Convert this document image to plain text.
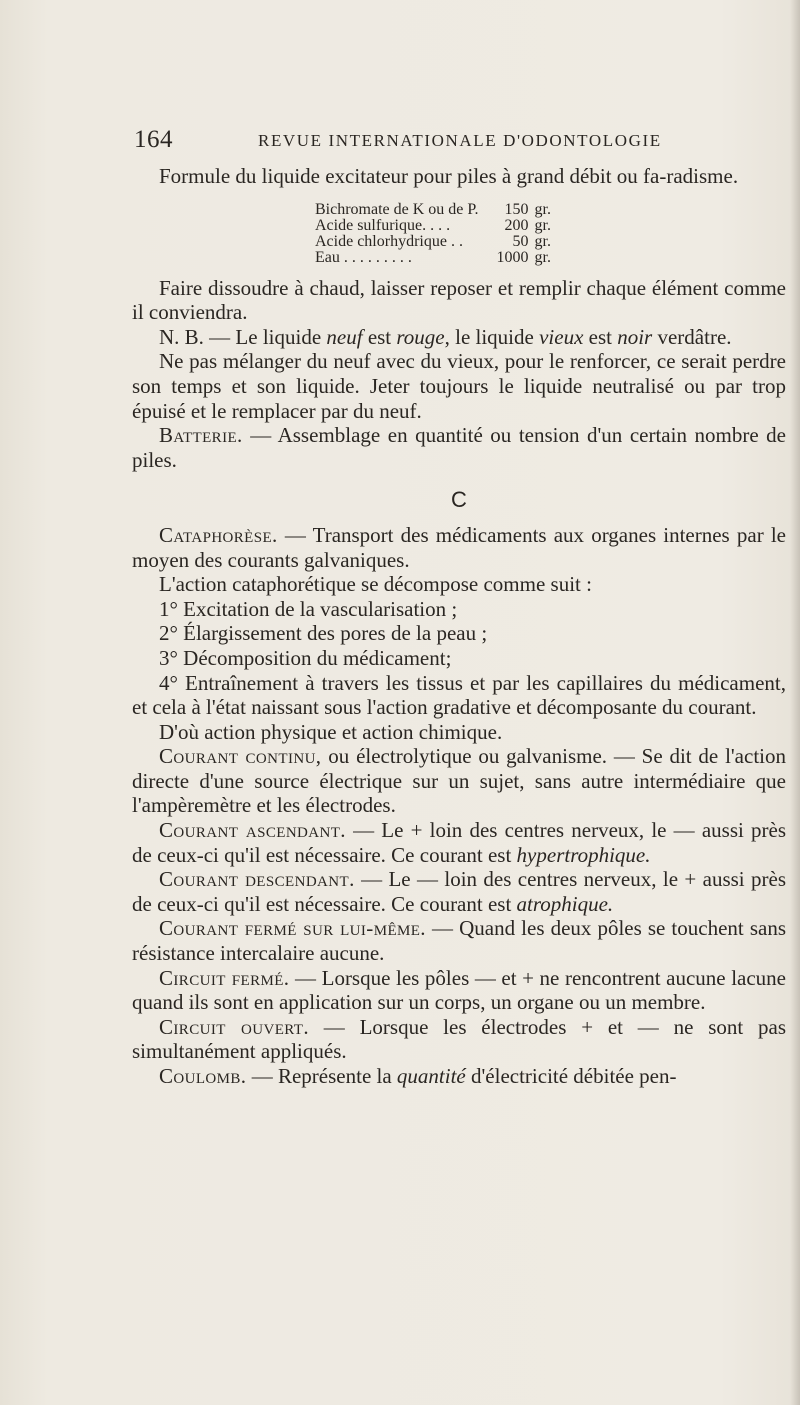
164	REVUE INTERNATIONALE D'ODONTOLOGIE

Formule du liquide excitateur pour piles à grand débit ou fa-radisme.

Bichromate de K ou de P.	150	gr.
Acide sulfurique. . . .	200	gr.
Acide chlorhydrique . .	50	gr.
Eau . . . . . . . . .	1000	gr.

Faire dissoudre à chaud, laisser reposer et remplir chaque élément comme il conviendra.

N. B. — Le liquide neuf est rouge, le liquide vieux est noir verdâtre.

Ne pas mélanger du neuf avec du vieux, pour le renforcer, ce serait perdre son temps et son liquide. Jeter toujours le liquide neutralisé ou par trop épuisé et le remplacer par du neuf.

Batterie. — Assemblage en quantité ou tension d'un certain nombre de piles.

C

Cataphorèse. — Transport des médicaments aux organes internes par le moyen des courants galvaniques.

L'action cataphorétique se décompose comme suit :

1° Excitation de la vascularisation ;

2° Élargissement des pores de la peau ;

3° Décomposition du médicament;

4° Entraînement à travers les tissus et par les capillaires du médicament, et cela à l'état naissant sous l'action gradative et décomposante du courant.

D'où action physique et action chimique.

Courant continu, ou électrolytique ou galvanisme. — Se dit de l'action directe d'une source électrique sur un sujet, sans autre intermédiaire que l'ampèremètre et les électrodes.

Courant ascendant. — Le + loin des centres nerveux, le — aussi près de ceux-ci qu'il est nécessaire. Ce courant est hypertrophique.

Courant descendant. — Le — loin des centres nerveux, le + aussi près de ceux-ci qu'il est nécessaire. Ce courant est atrophique.

Courant fermé sur lui-même. — Quand les deux pôles se touchent sans résistance intercalaire aucune.

Circuit fermé. — Lorsque les pôles — et + ne rencontrent aucune lacune quand ils sont en application sur un corps, un organe ou un membre.

Circuit ouvert. — Lorsque les électrodes + et — ne sont pas simultanément appliqués.

Coulomb. — Représente la quantité d'électricité débitée pen-
